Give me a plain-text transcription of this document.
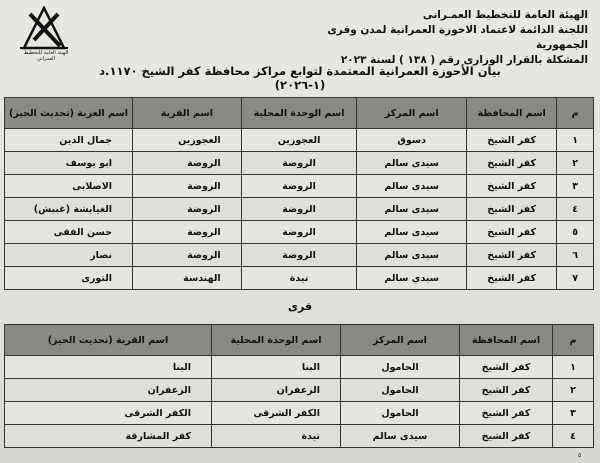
الهيئة العامة للتخطيط العمـرانى
اللجنة الدائمة لاعتماد الاحوزة العمرانية لمدن وقرى الجمهورية
المشكلة بالقرار الوزارى رقم ( ١٣٨ ) لسنة ٢٠٢٣
الهيئة العامة للتخطيط العمراني
بيان الأحوزة العمرانية المعتمدة لتوابع مراكز محافظة كفر الشيخ ١١٧٠.د (١-٢٠٢٦)
م	اسم المحافظة	اسم المركز	اسم الوحدة المحلية	اسم القرية	اسم العزبة (تحديث الحيز)
١	كفر الشيخ	دسوق	العجوزين	العجوزين	جمال الدين
٢	كفر الشيخ	سيدى سالم	الروضة	الروضة	ابو يوسف
٣	كفر الشيخ	سيدى سالم	الروضة	الروضة	الاصلابى
٤	كفر الشيخ	سيدى سالم	الروضة	الروضة	الغيايشة (غبيش)
٥	كفر الشيخ	سيدى سالم	الروضة	الروضة	حسن الفقى
٦	كفر الشيخ	سيدى سالم	الروضة	الروضة	نصار
٧	كفر الشيخ	سيدي سالم	تيدة	الهندسة	التورى
قرى
م	اسم المحافظة	اسم المركز	اسم الوحدة المحلية	اسم القرية (تحديث الحيز)
١	كفر الشيخ	الحامول	البنا	البنا
٢	كفر الشيخ	الحامول	الزعفران	الزعفران
٣	كفر الشيخ	الحامول	الكفر الشرقى	الكفر الشرقى
٤	كفر الشيخ	سيدى سالم	تيدة	كفر المشارقة
٥
